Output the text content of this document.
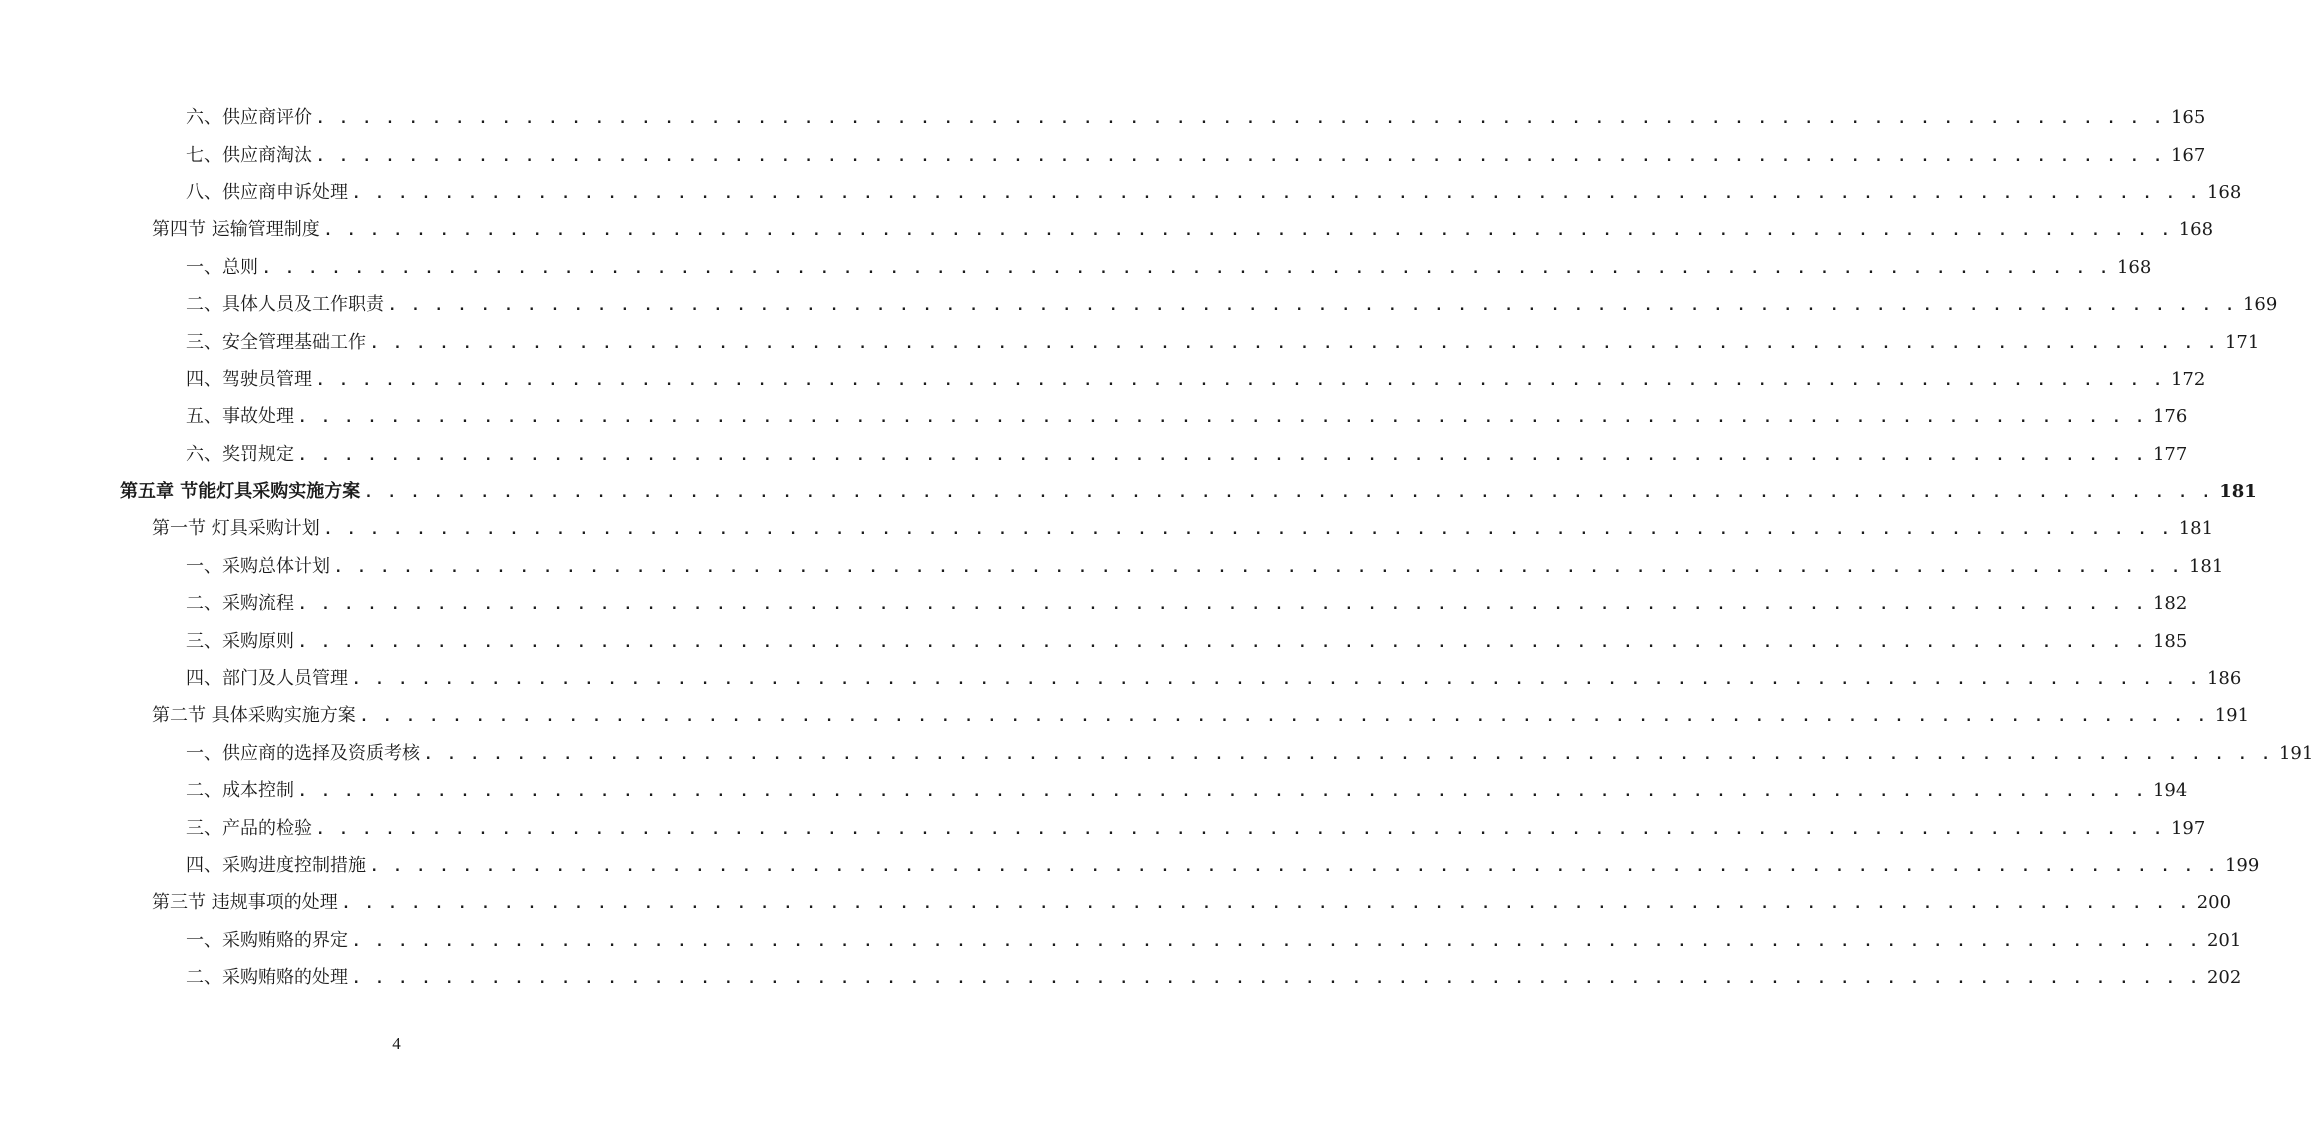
六、供应商评价 . . . . . . . . . . . . . . . . . . . . . . . . . . . . . . . . . . . . . . . . . . . . . . . . . . . . . . . . . . . . . . . . . . . . . . . . . . . . . . . . 165
七、供应商淘汰 . . . . . . . . . . . . . . . . . . . . . . . . . . . . . . . . . . . . . . . . . . . . . . . . . . . . . . . . . . . . . . . . . . . . . . . . . . . . . . . . 167
八、供应商申诉处理 . . . . . . . . . . . . . . . . . . . . . . . . . . . . . . . . . . . . . . . . . . . . . . . . . . . . . . . . . . . . . . . . . . . . . . . . . . . . . . . . 168
第四节 运输管理制度 . . . . . . . . . . . . . . . . . . . . . . . . . . . . . . . . . . . . . . . . . . . . . . . . . . . . . . . . . . . . . . . . . . . . . . . . . . . . . . . . 168
一、总则 . . . . . . . . . . . . . . . . . . . . . . . . . . . . . . . . . . . . . . . . . . . . . . . . . . . . . . . . . . . . . . . . . . . . . . . . . . . . . . . . 168
二、具体人员及工作职责 . . . . . . . . . . . . . . . . . . . . . . . . . . . . . . . . . . . . . . . . . . . . . . . . . . . . . . . . . . . . . . . . . . . . . . . . . . . . . . . . 169
三、安全管理基础工作 . . . . . . . . . . . . . . . . . . . . . . . . . . . . . . . . . . . . . . . . . . . . . . . . . . . . . . . . . . . . . . . . . . . . . . . . . . . . . . . . 171
四、驾驶员管理 . . . . . . . . . . . . . . . . . . . . . . . . . . . . . . . . . . . . . . . . . . . . . . . . . . . . . . . . . . . . . . . . . . . . . . . . . . . . . . . . 172
五、事故处理 . . . . . . . . . . . . . . . . . . . . . . . . . . . . . . . . . . . . . . . . . . . . . . . . . . . . . . . . . . . . . . . . . . . . . . . . . . . . . . . . 176
六、奖罚规定 . . . . . . . . . . . . . . . . . . . . . . . . . . . . . . . . . . . . . . . . . . . . . . . . . . . . . . . . . . . . . . . . . . . . . . . . . . . . . . . . 177
第五章 节能灯具采购实施方案 . . . . . . . . . . . . . . . . . . . . . . . . . . . . . . . . . . . . . . . . . . . . . . . . . . . . . . . . . . . . . . . . . . . . . . . . . . . . . . . . 181
第一节 灯具采购计划 . . . . . . . . . . . . . . . . . . . . . . . . . . . . . . . . . . . . . . . . . . . . . . . . . . . . . . . . . . . . . . . . . . . . . . . . . . . . . . . . 181
一、采购总体计划 . . . . . . . . . . . . . . . . . . . . . . . . . . . . . . . . . . . . . . . . . . . . . . . . . . . . . . . . . . . . . . . . . . . . . . . . . . . . . . . . 181
二、采购流程 . . . . . . . . . . . . . . . . . . . . . . . . . . . . . . . . . . . . . . . . . . . . . . . . . . . . . . . . . . . . . . . . . . . . . . . . . . . . . . . . 182
三、采购原则 . . . . . . . . . . . . . . . . . . . . . . . . . . . . . . . . . . . . . . . . . . . . . . . . . . . . . . . . . . . . . . . . . . . . . . . . . . . . . . . . 185
四、部门及人员管理 . . . . . . . . . . . . . . . . . . . . . . . . . . . . . . . . . . . . . . . . . . . . . . . . . . . . . . . . . . . . . . . . . . . . . . . . . . . . . . . . 186
第二节 具体采购实施方案 . . . . . . . . . . . . . . . . . . . . . . . . . . . . . . . . . . . . . . . . . . . . . . . . . . . . . . . . . . . . . . . . . . . . . . . . . . . . . . . . 191
一、供应商的选择及资质考核 . . . . . . . . . . . . . . . . . . . . . . . . . . . . . . . . . . . . . . . . . . . . . . . . . . . . . . . . . . . . . . . . . . . . . . . . . . . . . . . . 191
二、成本控制 . . . . . . . . . . . . . . . . . . . . . . . . . . . . . . . . . . . . . . . . . . . . . . . . . . . . . . . . . . . . . . . . . . . . . . . . . . . . . . . . 194
三、产品的检验 . . . . . . . . . . . . . . . . . . . . . . . . . . . . . . . . . . . . . . . . . . . . . . . . . . . . . . . . . . . . . . . . . . . . . . . . . . . . . . . . 197
四、采购进度控制措施 . . . . . . . . . . . . . . . . . . . . . . . . . . . . . . . . . . . . . . . . . . . . . . . . . . . . . . . . . . . . . . . . . . . . . . . . . . . . . . . . 199
第三节 违规事项的处理 . . . . . . . . . . . . . . . . . . . . . . . . . . . . . . . . . . . . . . . . . . . . . . . . . . . . . . . . . . . . . . . . . . . . . . . . . . . . . . . . 200
一、采购贿赂的界定 . . . . . . . . . . . . . . . . . . . . . . . . . . . . . . . . . . . . . . . . . . . . . . . . . . . . . . . . . . . . . . . . . . . . . . . . . . . . . . . . 201
二、采购贿赂的处理 . . . . . . . . . . . . . . . . . . . . . . . . . . . . . . . . . . . . . . . . . . . . . . . . . . . . . . . . . . . . . . . . . . . . . . . . . . . . . . . . 202
4
